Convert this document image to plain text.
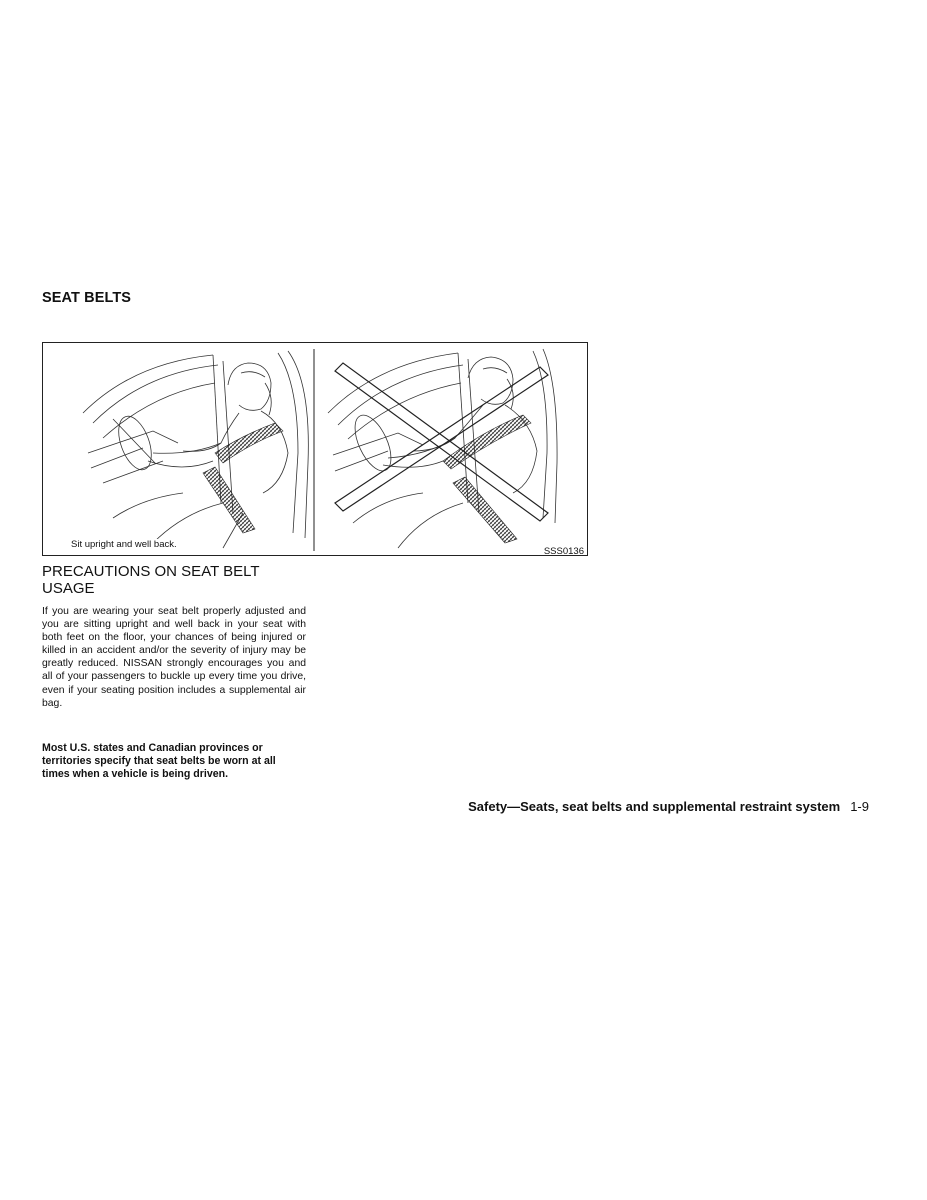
SEAT BELTS
Sit upright and well back.
SSS0136
PRECAUTIONS ON SEAT BELT USAGE

If you are wearing your seat belt properly adjusted and you are sitting upright and well back in your seat with both feet on the floor, your chances of being injured or killed in an accident and/or the severity of injury may be greatly reduced. NISSAN strongly encourages you and all of your passengers to buckle up every time you drive, even if your seating position includes a supplemental air bag.

Most U.S. states and Canadian provinces or territories specify that seat belts be worn at all times when a vehicle is being driven.

Safety—Seats, seat belts and supplemental restraint system 1-9
